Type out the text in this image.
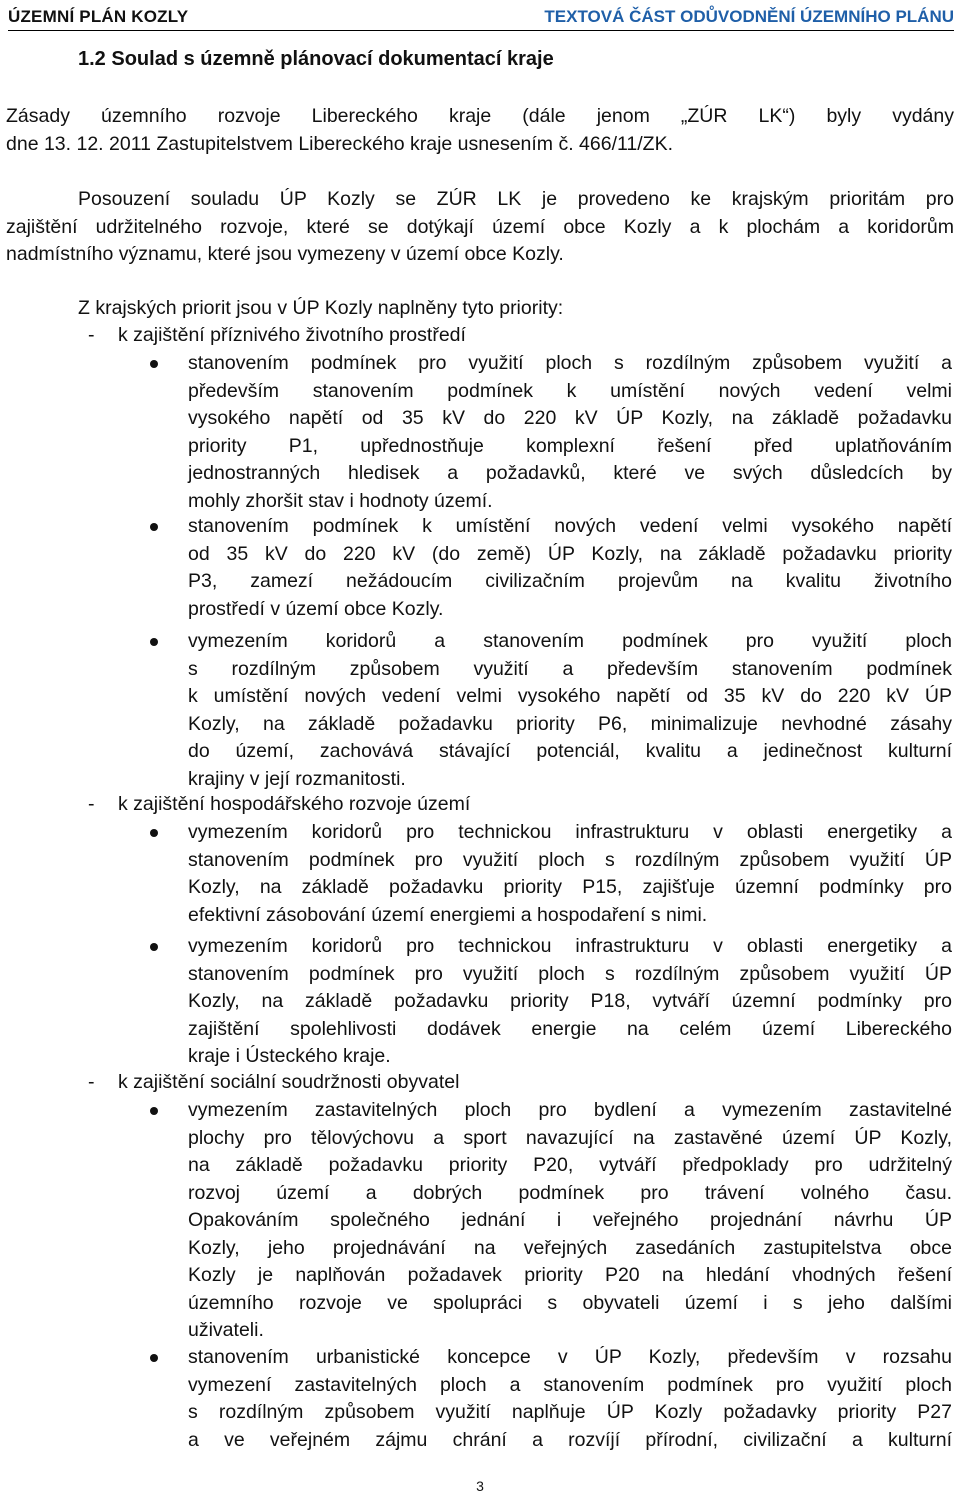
ÚZEMNÍ PLÁN KOZLY	TEXTOVÁ ČÁST ODŮVODNĚNÍ ÚZEMNÍHO PLÁNU
1.2 Soulad s územně plánovací dokumentací kraje
Zásady územního rozvoje Libereckého kraje (dále jenom „ZÚR LK“) byly vydány
dne 13. 12. 2011 Zastupitelstvem Libereckého kraje usnesením č. 466/11/ZK.
Posouzení souladu ÚP Kozly se ZÚR LK je provedeno ke krajským prioritám pro
zajištění udržitelného rozvoje, které se dotýkají území obce Kozly a k plochám a koridorům
nadmístního významu, které jsou vymezeny v území obce Kozly.
Z krajských priorit jsou v ÚP Kozly naplněny tyto priority:
- k zajištění příznivého životního prostředí
stanovením podmínek pro využití ploch s rozdílným způsobem využití a
především stanovením podmínek k umístění nových vedení velmi
vysokého napětí od 35 kV do 220 kV ÚP Kozly, na základě požadavku
priority P1, upřednostňuje komplexní řešení před uplatňováním
jednostranných hledisek a požadavků, které ve svých důsledcích by
mohly zhoršit stav i hodnoty území.
stanovením podmínek k umístění nových vedení velmi vysokého napětí
od 35 kV do 220 kV (do země) ÚP Kozly, na základě požadavku priority
P3, zamezí nežádoucím civilizačním projevům na kvalitu životního
prostředí v území obce Kozly.
vymezením koridorů a stanovením podmínek pro využití ploch
s rozdílným způsobem využití a především stanovením podmínek
k umístění nových vedení velmi vysokého napětí od 35 kV do 220 kV ÚP
Kozly, na základě požadavku priority P6, minimalizuje nevhodné zásahy
do území, zachovává stávající potenciál, kvalitu a jedinečnost kulturní
krajiny v její rozmanitosti.
- k zajištění hospodářského rozvoje území
vymezením koridorů pro technickou infrastrukturu v oblasti energetiky a
stanovením podmínek pro využití ploch s rozdílným způsobem využití ÚP
Kozly, na základě požadavku priority P15, zajišťuje územní podmínky pro
efektivní zásobování území energiemi a hospodaření s nimi.
vymezením koridorů pro technickou infrastrukturu v oblasti energetiky a
stanovením podmínek pro využití ploch s rozdílným způsobem využití ÚP
Kozly, na základě požadavku priority P18, vytváří územní podmínky pro
zajištění spolehlivosti dodávek energie na celém území Libereckého
kraje i Ústeckého kraje.
- k zajištění sociální soudržnosti obyvatel
vymezením zastavitelných ploch pro bydlení a vymezením zastavitelné
plochy pro tělovýchovu a sport navazující na zastavěné území ÚP Kozly,
na základě požadavku priority P20, vytváří předpoklady pro udržitelný
rozvoj území a dobrých podmínek pro trávení volného času.
Opakováním společného jednání i veřejného projednání návrhu ÚP
Kozly, jeho projednávání na veřejných zasedáních zastupitelstva obce
Kozly je naplňován požadavek priority P20 na hledání vhodných řešení
územního rozvoje ve spolupráci s obyvateli území i s jeho dalšími
uživateli.
stanovením urbanistické koncepce v ÚP Kozly, především v rozsahu
vymezení zastavitelných ploch a stanovením podmínek pro využití ploch
s rozdílným způsobem využití naplňuje ÚP Kozly požadavky priority P27
a ve veřejném zájmu chrání a rozvíjí přírodní, civilizační a kulturní
3
